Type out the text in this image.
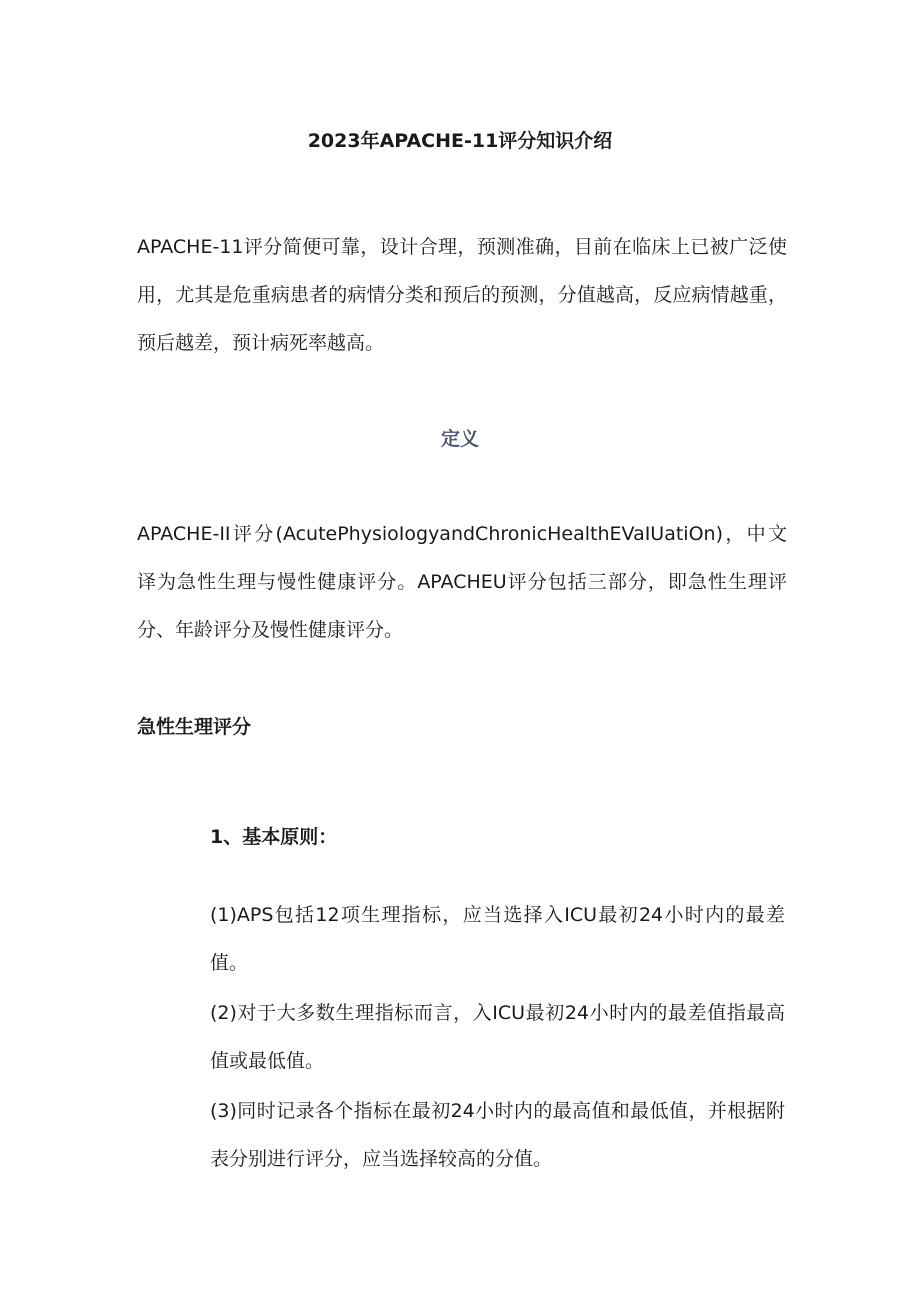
2023年APACHE-11评分知识介绍

APACHE-11评分简便可靠，设计合理，预测准确，目前在临床上已被广泛使用，尤其是危重病患者的病情分类和预后的预测，分值越高，反应病情越重，预后越差，预计病死率越高。

定义

APACHE-II评分(AcutePhysioIogyandChronicHealthEVaIUatiOn)，中文译为急性生理与慢性健康评分。APACHEU评分包括三部分，即急性生理评分、年龄评分及慢性健康评分。

急性生理评分
1、基本原则：
(1)APS包括12项生理指标，应当选择入ICU最初24小时内的最差值。
(2)对于大多数生理指标而言，入ICU最初24小时内的最差值指最高值或最低值。
(3)同时记录各个指标在最初24小时内的最高值和最低值，并根据附表分别进行评分，应当选择较高的分值。
